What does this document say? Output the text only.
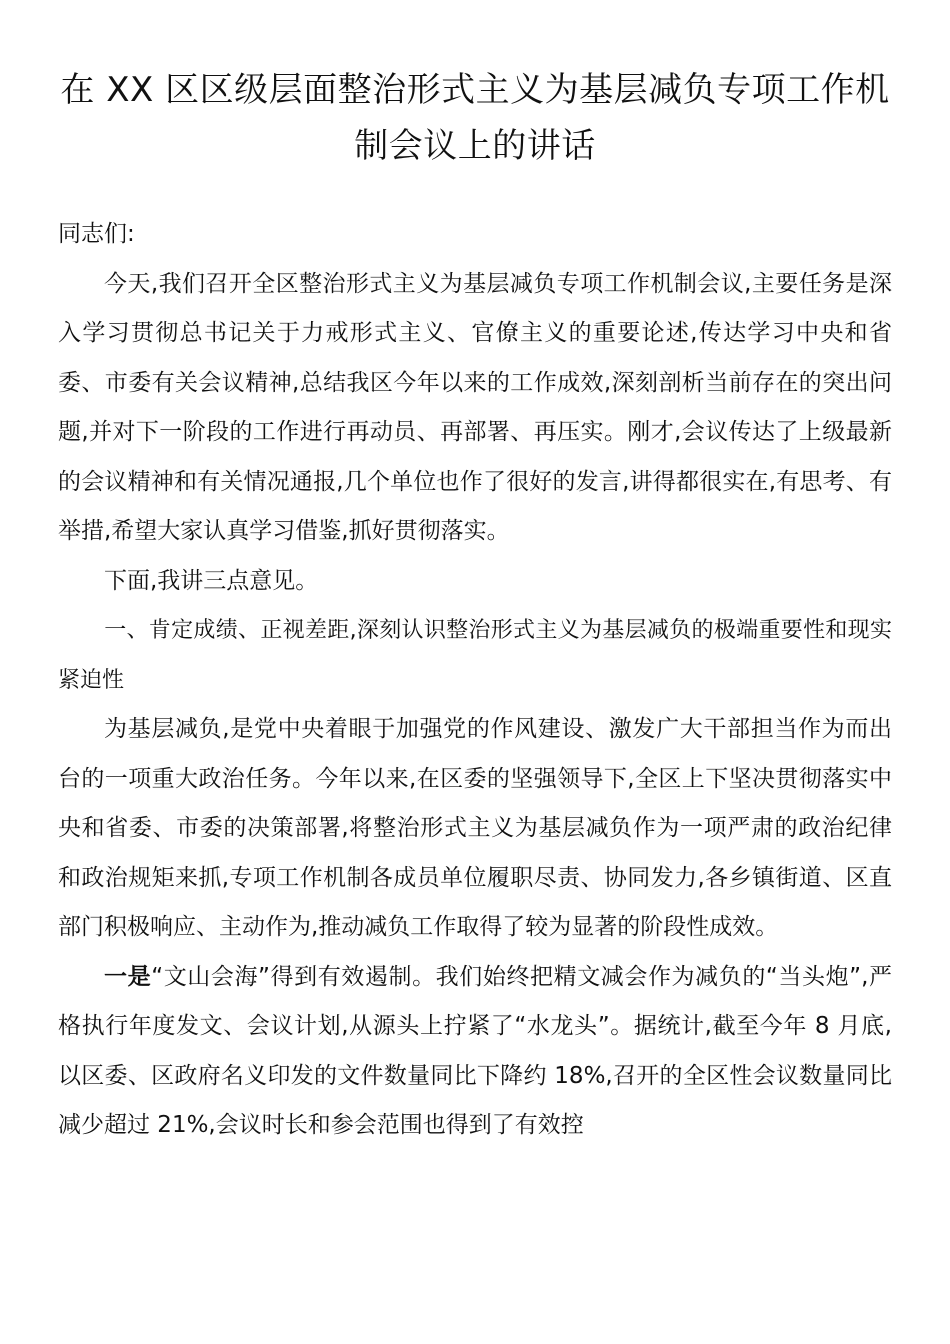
在 XX 区区级层面整治形式主义为基层减负专项工作机制会议上的讲话

同志们:

今天,我们召开全区整治形式主义为基层减负专项工作机制会议,主要任务是深入学习贯彻总书记关于力戒形式主义、官僚主义的重要论述,传达学习中央和省委、市委有关会议精神,总结我区今年以来的工作成效,深刻剖析当前存在的突出问题,并对下一阶段的工作进行再动员、再部署、再压实。刚才,会议传达了上级最新的会议精神和有关情况通报,几个单位也作了很好的发言,讲得都很实在,有思考、有举措,希望大家认真学习借鉴,抓好贯彻落实。

下面,我讲三点意见。

一、肯定成绩、正视差距,深刻认识整治形式主义为基层减负的极端重要性和现实紧迫性

为基层减负,是党中央着眼于加强党的作风建设、激发广大干部担当作为而出台的一项重大政治任务。今年以来,在区委的坚强领导下,全区上下坚决贯彻落实中央和省委、市委的决策部署,将整治形式主义为基层减负作为一项严肃的政治纪律和政治规矩来抓,专项工作机制各成员单位履职尽责、协同发力,各乡镇街道、区直部门积极响应、主动作为,推动减负工作取得了较为显著的阶段性成效。

一是“文山会海”得到有效遏制。我们始终把精文减会作为减负的“当头炮”,严格执行年度发文、会议计划,从源头上拧紧了“水龙头”。据统计,截至今年 8 月底,以区委、区政府名义印发的文件数量同比下降约 18%,召开的全区性会议数量同比减少超过 21%,会议时长和参会范围也得到了有效控
